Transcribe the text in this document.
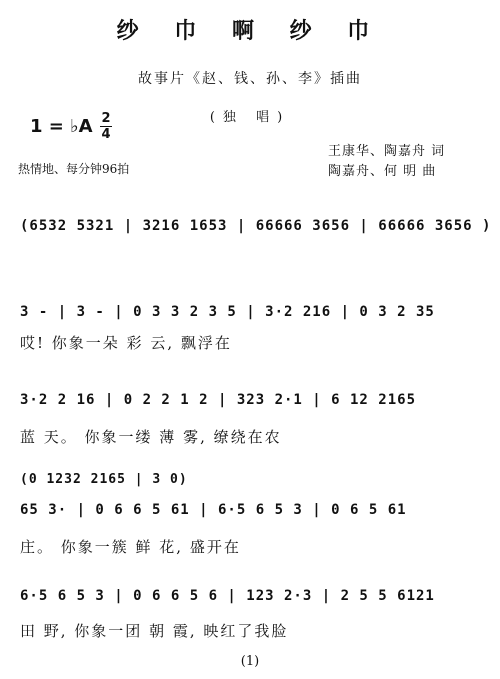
纱 巾 啊 纱 巾
故事片《赵、钱、孙、李》插曲
(独 唱)
1 = ♭A 2
4
热情地、每分钟96拍
王康华、陶嘉舟 词
陶嘉舟、何 明 曲
(6532 5321 | 3216 1653 | 66666 3656 | 66666 3656 )
3 - | 3 - | 0 3 3 2 3 5 | 3·2 216 | 0 3 2 35
哎! 你象一朵 彩 云, 飘浮在
3·2 2 16 | 0 2 2 1 2 | 323 2·1 | 6 12 2165
蓝 天。 你象一缕 薄 雾, 缭绕在农
(0 1232 2165 | 3 0)
65 3· | 0 6 6 5 61 | 6·5 6 5 3 | 0 6 5 61
庄。 你象一簇 鲜 花, 盛开在
6·5 6 5 3 | 0 6 6 5 6 | 123 2·3 | 2 5 5 6121
田 野, 你象一团 朝 霞, 映红了我脸
(1)
